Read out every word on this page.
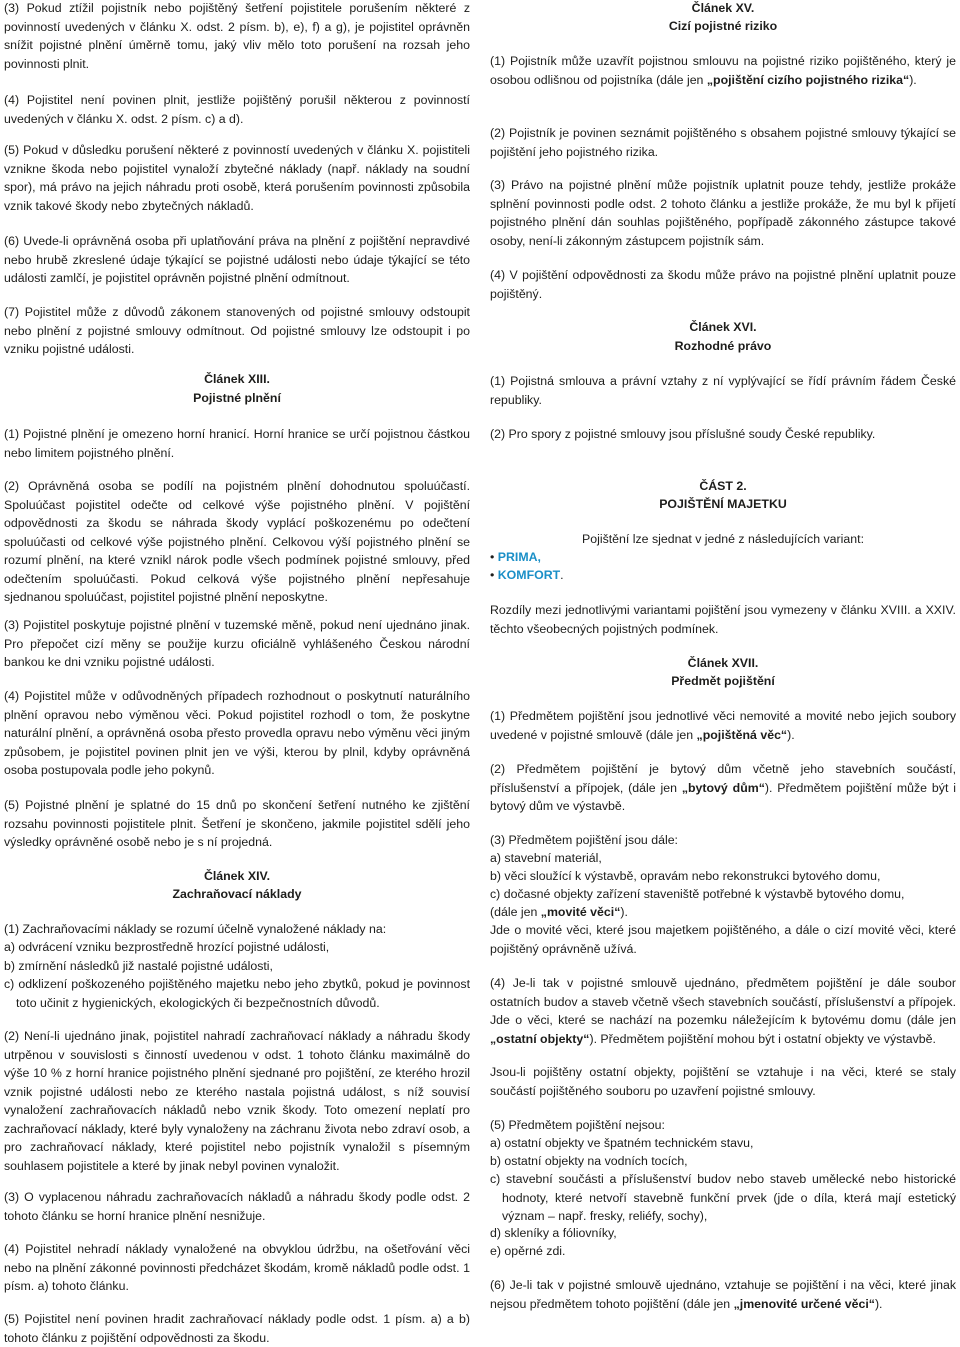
(3) Pokud ztížil pojistník nebo pojištěný šetření pojistitele porušením některé z povinností uvedených v článku X. odst. 2 písm. b), e), f) a g), je pojistitel oprávněn snížit pojistné plnění úměrně tomu, jaký vliv mělo toto porušení na rozsah jeho povinnosti plnit.

(4) Pojistitel není povinen plnit, jestliže pojištěný porušil některou z povinností uvedených v článku X. odst. 2 písm. c) a d).

(5) Pokud v důsledku porušení některé z povinností uvedených v článku X. pojistiteli vznikne škoda nebo pojistitel vynaloží zbytečné náklady (např. náklady na soudní spor), má právo na jejich náhradu proti osobě, která porušením povinnosti způsobila vznik takové škody nebo zbytečných nákladů.

(6) Uvede-li oprávněná osoba při uplatňování práva na plnění z pojištění nepravdivé nebo hrubě zkreslené údaje týkající se pojistné události nebo údaje týkající se této události zamlčí, je pojistitel oprávněn pojistné plnění odmítnout.

(7) Pojistitel může z důvodů zákonem stanovených od pojistné smlouvy odstoupit nebo plnění z pojistné smlouvy odmítnout. Od pojistné smlouvy lze odstoupit i po vzniku pojistné události.

Článek XIII.

Pojistné plnění

(1) Pojistné plnění je omezeno horní hranicí. Horní hranice se určí pojistnou částkou nebo limitem pojistného plnění.

(2) Oprávněná osoba se podílí na pojistném plnění dohodnutou spoluúčastí. Spoluúčast pojistitel odečte od celkové výše pojistného plnění. V pojištění odpovědnosti za škodu se náhrada škody vyplácí poškozenému po odečtení spoluúčasti od celkové výše pojistného plnění. Celkovou výší pojistného plnění se rozumí plnění, na které vznikl nárok podle všech podmínek pojistné smlouvy, před odečtením spoluúčasti. Pokud celková výše pojistného plnění nepřesahuje sjednanou spoluúčast, pojistitel pojistné plnění neposkytne.

(3) Pojistitel poskytuje pojistné plnění v tuzemské měně, pokud není ujednáno jinak. Pro přepočet cizí měny se použije kurzu oficiálně vyhlášeného Českou národní bankou ke dni vzniku pojistné události.

(4) Pojistitel může v odůvodněných případech rozhodnout o poskytnutí naturálního plnění opravou nebo výměnou věci. Pokud pojistitel rozhodl o tom, že poskytne naturální plnění, a oprávněná osoba přesto provedla opravu nebo výměnu věci jiným způsobem, je pojistitel povinen plnit jen ve výši, kterou by plnil, kdyby oprávněná osoba postupovala podle jeho pokynů.

(5) Pojistné plnění je splatné do 15 dnů po skončení šetření nutného ke zjištění rozsahu povinnosti pojistitele plnit. Šetření je skončeno, jakmile pojistitel sdělí jeho výsledky oprávněné osobě nebo je s ní projedná.

Článek XIV.

Zachraňovací náklady

(1) Zachraňovacími náklady se rozumí účelně vynaložené náklady na:

a) odvrácení vzniku bezprostředně hrozící pojistné události,

b) zmírnění následků již nastalé pojistné události,

c) odklizení poškozeného pojištěného majetku nebo jeho zbytků, pokud je povinnost toto učinit z hygienických, ekologických či bezpečnostních důvodů.

(2) Není-li ujednáno jinak, pojistitel nahradí zachraňovací náklady a náhradu škody utrpěnou v souvislosti s činností uvedenou v odst. 1 tohoto článku maximálně do výše 10 % z horní hranice pojistného plnění sjednané pro pojištění, ze kterého hrozil vznik pojistné události nebo ze kterého nastala pojistná událost, s níž souvisí vynaložení zachraňovacích nákladů nebo vznik škody. Toto omezení neplatí pro zachraňovací náklady, které byly vynaloženy na záchranu života nebo zdraví osob, a pro zachraňovací náklady, které pojistitel nebo pojistník vynaložil s písemným souhlasem pojistitele a které by jinak nebyl povinen vynaložit.

(3) O vyplacenou náhradu zachraňovacích nákladů a náhradu škody podle odst. 2 tohoto článku se horní hranice plnění nesnižuje.

(4) Pojistitel nehradí náklady vynaložené na obvyklou údržbu, na ošetřování věci nebo na plnění zákonné povinnosti předcházet škodám, kromě nákladů podle odst. 1 písm. a) tohoto článku.

(5) Pojistitel není povinen hradit zachraňovací náklady podle odst. 1 písm. a) a b) tohoto článku z pojištění odpovědnosti za škodu.

Článek XV.

Cizí pojistné riziko

(1) Pojistník může uzavřít pojistnou smlouvu na pojistné riziko pojištěného, který je osobou odlišnou od pojistníka (dále jen „pojištění cizího pojistného rizika“).

(2) Pojistník je povinen seznámit pojištěného s obsahem pojistné smlouvy týkající se pojištění jeho pojistného rizika.

(3) Právo na pojistné plnění může pojistník uplatnit pouze tehdy, jestliže prokáže splnění povinnosti podle odst. 2 tohoto článku a jestliže prokáže, že mu byl k přijetí pojistného plnění dán souhlas pojištěného, popřípadě zákonného zástupce takové osoby, není-li zákonným zástupcem pojistník sám.

(4) V pojištění odpovědnosti za škodu může právo na pojistné plnění uplatnit pouze pojištěný.

Článek XVI.

Rozhodné právo

(1) Pojistná smlouva a právní vztahy z ní vyplývající se řídí právním řádem České republiky.

(2) Pro spory z pojistné smlouvy jsou příslušné soudy České republiky.

ČÁST 2.

POJIŠTĚNÍ MAJETKU

Pojištění lze sjednat v jedné z následujících variant:

• PRIMA,

• KOMFORT.

Rozdíly mezi jednotlivými variantami pojištění jsou vymezeny v článku XVIII. a XXIV. těchto všeobecných pojistných podmínek.

Článek XVII.

Předmět pojištění

(1) Předmětem pojištění jsou jednotlivé věci nemovité a movité nebo jejich soubory uvedené v pojistné smlouvě (dále jen „pojištěná věc“).

(2) Předmětem pojištění je bytový dům včetně jeho stavebních součástí, příslušenství a přípojek, (dále jen „bytový dům“). Předmětem pojištění může být i bytový dům ve výstavbě.

(3) Předmětem pojištění jsou dále:

a) stavební materiál,

b) věci sloužící k výstavbě, opravám nebo rekonstrukci bytového domu,

c) dočasné objekty zařízení staveniště potřebné k výstavbě bytového domu,

(dále jen „movité věci“).

Jde o movité věci, které jsou majetkem pojištěného, a dále o cizí movité věci, které pojištěný oprávněně užívá.

(4) Je-li tak v pojistné smlouvě ujednáno, předmětem pojištění je dále soubor ostatních budov a staveb včetně všech stavebních součástí, příslušenství a přípojek. Jde o věci, které se nachází na pozemku náležejícím k bytovému domu (dále jen „ostatní objekty“). Předmětem pojištění mohou být i ostatní objekty ve výstavbě.

Jsou-li pojištěny ostatní objekty, pojištění se vztahuje i na věci, které se staly součástí pojištěného souboru po uzavření pojistné smlouvy.

(5) Předmětem pojištění nejsou:

a) ostatní objekty ve špatném technickém stavu,

b) ostatní objekty na vodních tocích,

c) stavební součásti a příslušenství budov nebo staveb umělecké nebo historické hodnoty, které netvoří stavebně funkční prvek (jde o díla, která mají estetický význam – např. fresky, reliéfy, sochy),

d) skleníky a fóliovníky,

e) opěrné zdi.

(6) Je-li tak v pojistné smlouvě ujednáno, vztahuje se pojištění i na věci, které jinak nejsou předmětem tohoto pojištění (dále jen „jmenovité určené věci“).
